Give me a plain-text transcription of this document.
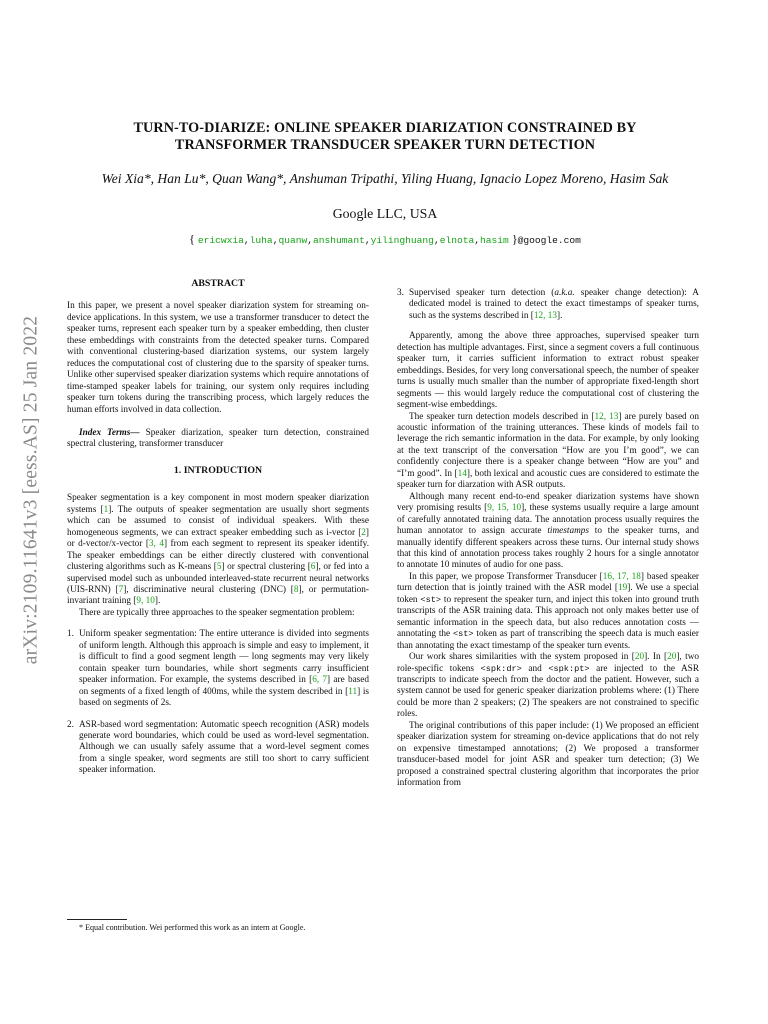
arXiv:2109.11641v3 [eess.AS] 25 Jan 2022
TURN-TO-DIARIZE: ONLINE SPEAKER DIARIZATION CONSTRAINED BY
TRANSFORMER TRANSDUCER SPEAKER TURN DETECTION
Wei Xia*, Han Lu*, Quan Wang*, Anshuman Tripathi, Yiling Huang, Ignacio Lopez Moreno, Hasim Sak
Google LLC, USA
{ ericwxia,luha,quanw,anshumant,yilinghuang,elnota,hasim }@google.com
ABSTRACT

In this paper, we present a novel speaker diarization system for streaming on-device applications. In this system, we use a transformer transducer to detect the speaker turns, represent each speaker turn by a speaker embedding, then cluster these embeddings with constraints from the detected speaker turns. Compared with conventional clustering-based diarization systems, our system largely reduces the computational cost of clustering due to the sparsity of speaker turns. Unlike other supervised speaker diarization systems which require annotations of time-stamped speaker labels for training, our system only requires including speaker turn tokens during the transcribing process, which largely reduces the human efforts involved in data collection.

Index Terms— Speaker diarization, speaker turn detection, constrained spectral clustering, transformer transducer

1. INTRODUCTION

Speaker segmentation is a key component in most modern speaker diarization systems [1]. The outputs of speaker segmentation are usually short segments which can be assumed to consist of individual speakers. With these homogeneous segments, we can extract speaker embedding such as i-vector [2] or d-vector/x-vector [3, 4] from each segment to represent its speaker identify. The speaker embeddings can be either directly clustered with conventional clustering algorithms such as K-means [5] or spectral clustering [6], or fed into a supervised model such as unbounded interleaved-state recurrent neural networks (UIS-RNN) [7], discriminative neural clustering (DNC) [8], or permutation-invariant training [9, 10].

There are typically three approaches to the speaker segmentation problem:

1. Uniform speaker segmentation: The entire utterance is divided into segments of uniform length. Although this approach is simple and easy to implement, it is difficult to find a good segment length — long segments may very likely contain speaker turn boundaries, while short segments carry insufficient speaker information. For example, the systems described in [6, 7] are based on segments of a fixed length of 400ms, while the system described in [11] is based on segments of 2s.
2. ASR-based word segmentation: Automatic speech recognition (ASR) models generate word boundaries, which could be used as word-level segmentation. Although we can usually safely assume that a word-level segment comes from a single speaker, word segments are still too short to carry sufficient speaker information.
* Equal contribution. Wei performed this work as an intern at Google.
3. Supervised speaker turn detection (a.k.a. speaker change detection): A dedicated model is trained to detect the exact timestamps of speaker turns, such as the systems described in [12, 13].

Apparently, among the above three approaches, supervised speaker turn detection has multiple advantages. First, since a segment covers a full continuous speaker turn, it carries sufficient information to extract robust speaker embeddings. Besides, for very long conversational speech, the number of speaker turns is usually much smaller than the number of appropriate fixed-length short segments — this would largely reduce the computational cost of clustering the segment-wise embeddings.

The speaker turn detection models described in [12, 13] are purely based on acoustic information of the training utterances. These kinds of models fail to leverage the rich semantic information in the data. For example, by only looking at the text transcript of the conversation “How are you I’m good”, we can confidently conjecture there is a speaker change between “How are you” and “I’m good”. In [14], both lexical and acoustic cues are considered to estimate the speaker turn for diarzation with ASR outputs.

Although many recent end-to-end speaker diarization systems have shown very promising results [9, 15, 10], these systems usually require a large amount of carefully annotated training data. The annotation process usually requires the human annotator to assign accurate timestamps to the speaker turns, and manually identify different speakers across these turns. Our internal study shows that this kind of annotation process takes roughly 2 hours for a single annotator to annotate 10 minutes of audio for one pass.

In this paper, we propose Transformer Transducer [16, 17, 18] based speaker turn detection that is jointly trained with the ASR model [19]. We use a special token <st> to represent the speaker turn, and inject this token into ground truth transcripts of the ASR training data. This approach not only makes better use of semantic information in the speech data, but also reduces annotation costs — annotating the <st> token as part of transcribing the speech data is much easier than annotating the exact timestamp of the speaker turn events.

Our work shares similarities with the system proposed in [20]. In [20], two role-specific tokens <spk:dr> and <spk:pt> are injected to the ASR transcripts to indicate speech from the doctor and the patient. However, such a system cannot be used for generic speaker diarization problems where: (1) There could be more than 2 speakers; (2) The speakers are not constrained to specific roles.

The original contributions of this paper include: (1) We proposed an efficient speaker diarization system for streaming on-device applications that do not rely on expensive timestamped annotations; (2) We proposed a transformer transducer-based model for joint ASR and speaker turn detection; (3) We proposed a constrained spectral clustering algorithm that incorporates the prior information from
